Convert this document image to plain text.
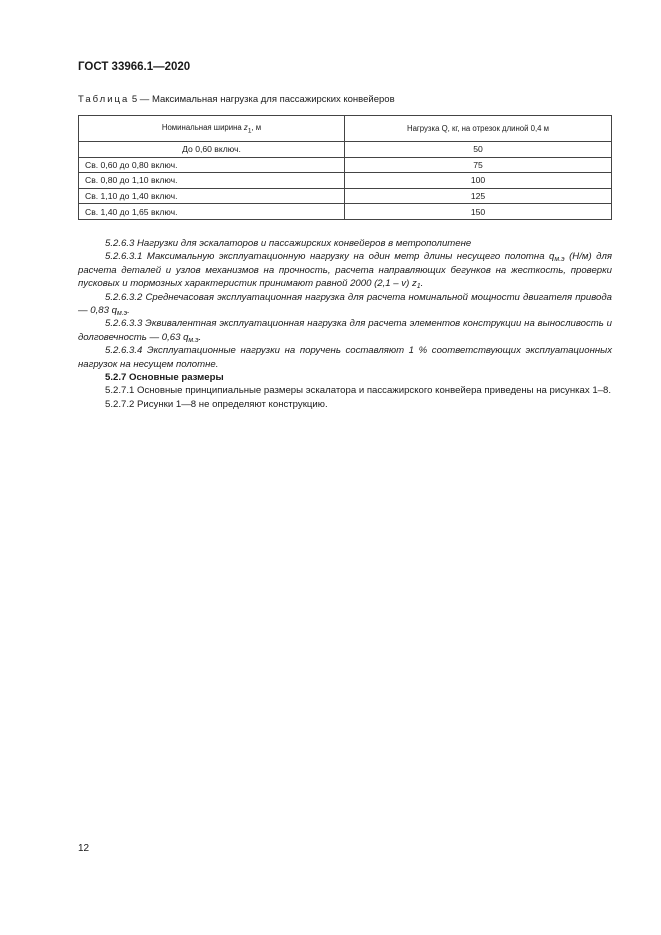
ГОСТ 33966.1—2020
Таблица 5 — Максимальная нагрузка для пассажирских конвейеров
Номинальная ширина $z_1$, м	Нагрузка Q, кг, на отрезок длиной 0,4 м
До 0,60 включ.	50
Св. 0,60 до 0,80 включ.	75
Св. 0,80 до 1,10 включ.	100
Св. 1,10 до 1,40 включ.	125
Св. 1,40 до 1,65 включ.	150

5.2.6.3 Нагрузки для эскалаторов и пассажирских конвейеров в метрополитене

5.2.6.3.1 Максимальную эксплуатационную нагрузку на один метр длины несущего полотна $q_{м.э}$ (Н/м) для расчета деталей и узлов механизмов на прочность, расчета направляющих бегунков на жесткость, проверки пусковых и тормозных характеристик принимают равной 2000 (2,1 – v) $z_1$.

5.2.6.3.2 Среднечасовая эксплуатационная нагрузка для расчета номинальной мощности двигателя привода — 0,83 $q_{м.э}$.

5.2.6.3.3 Эквивалентная эксплуатационная нагрузка для расчета элементов конструкции на выносливость и долговечность — 0,63 $q_{м.э}$.

5.2.6.3.4 Эксплуатационные нагрузки на поручень составляют 1 % соответствующих эксплуатационных нагрузок на несущем полотне.

5.2.7 Основные размеры

5.2.7.1 Основные принципиальные размеры эскалатора и пассажирского конвейера приведены на рисунках 1–8.

5.2.7.2 Рисунки 1—8 не определяют конструкцию.

12
